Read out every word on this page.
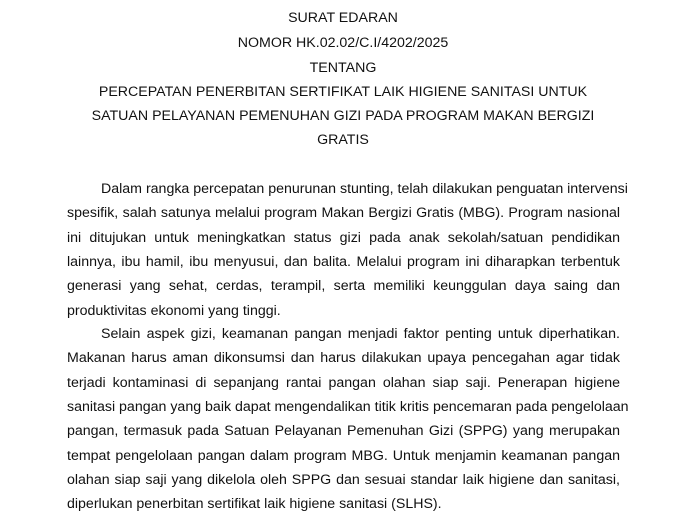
SURAT EDARAN
NOMOR HK.02.02/C.I/4202/2025
TENTANG
PERCEPATAN PENERBITAN SERTIFIKAT LAIK HIGIENE SANITASI UNTUK
SATUAN PELAYANAN PEMENUHAN GIZI PADA PROGRAM MAKAN BERGIZI
GRATIS
Dalam rangka percepatan penurunan stunting, telah dilakukan penguatan intervensi
spesifik, salah satunya melalui program Makan Bergizi Gratis (MBG). Program nasional
ini ditujukan untuk meningkatkan status gizi pada anak sekolah/satuan pendidikan
lainnya, ibu hamil, ibu menyusui, dan balita. Melalui program ini diharapkan terbentuk
generasi yang sehat, cerdas, terampil, serta memiliki keunggulan daya saing dan
produktivitas ekonomi yang tinggi.
Selain aspek gizi, keamanan pangan menjadi faktor penting untuk diperhatikan.
Makanan harus aman dikonsumsi dan harus dilakukan upaya pencegahan agar tidak
terjadi kontaminasi di sepanjang rantai pangan olahan siap saji. Penerapan higiene
sanitasi pangan yang baik dapat mengendalikan titik kritis pencemaran pada pengelolaan
pangan, termasuk pada Satuan Pelayanan Pemenuhan Gizi (SPPG) yang merupakan
tempat pengelolaan pangan dalam program MBG. Untuk menjamin keamanan pangan
olahan siap saji yang dikelola oleh SPPG dan sesuai standar laik higiene dan sanitasi,
diperlukan penerbitan sertifikat laik higiene sanitasi (SLHS).
